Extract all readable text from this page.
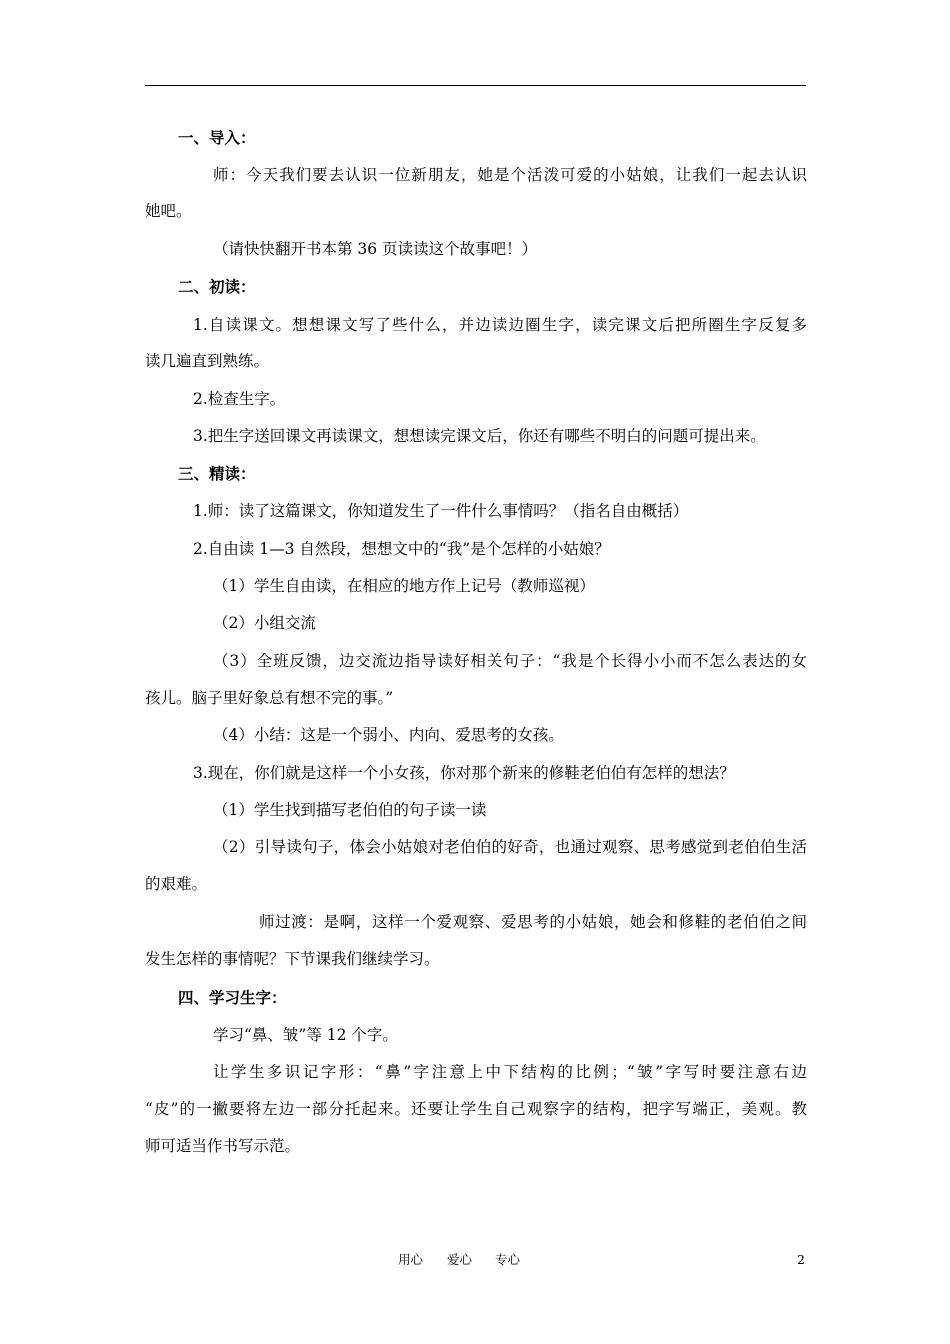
一、导入：
师：今天我们要去认识一位新朋友，她是个活泼可爱的小姑娘，让我们一起去认识
她吧。
（请快快翻开书本第 36 页读读这个故事吧！）
二、初读：
1.自读课文。想想课文写了些什么，并边读边圈生字，读完课文后把所圈生字反复多
读几遍直到熟练。
2.检查生字。
3.把生字送回课文再读课文，想想读完课文后，你还有哪些不明白的问题可提出来。
三、精读：
1.师：读了这篇课文，你知道发生了一件什么事情吗？（指名自由概括）
2.自由读 1—3 自然段，想想文中的“我”是个怎样的小姑娘？
（1）学生自由读，在相应的地方作上记号（教师巡视）
（2）小组交流
（3）全班反馈，边交流边指导读好相关句子：“我是个长得小小而不怎么表达的女
孩儿。脑子里好象总有想不完的事。”
（4）小结：这是一个弱小、内向、爱思考的女孩。
3.现在，你们就是这样一个小女孩，你对那个新来的修鞋老伯伯有怎样的想法？
（1）学生找到描写老伯伯的句子读一读
（2）引导读句子，体会小姑娘对老伯伯的好奇，也通过观察、思考感觉到老伯伯生活
的艰难。
师过渡：是啊，这样一个爱观察、爱思考的小姑娘，她会和修鞋的老伯伯之间
发生怎样的事情呢？下节课我们继续学习。
四、学习生字：
学习“鼻、皱”等 12 个字。
让学生多识记字形：“鼻”字注意上中下结构的比例；“皱”字写时要注意右边
“皮”的一撇要将左边一部分托起来。还要让学生自己观察字的结构，把字写端正，美观。教
师可适当作书写示范。
用心 爱心 专心	2
